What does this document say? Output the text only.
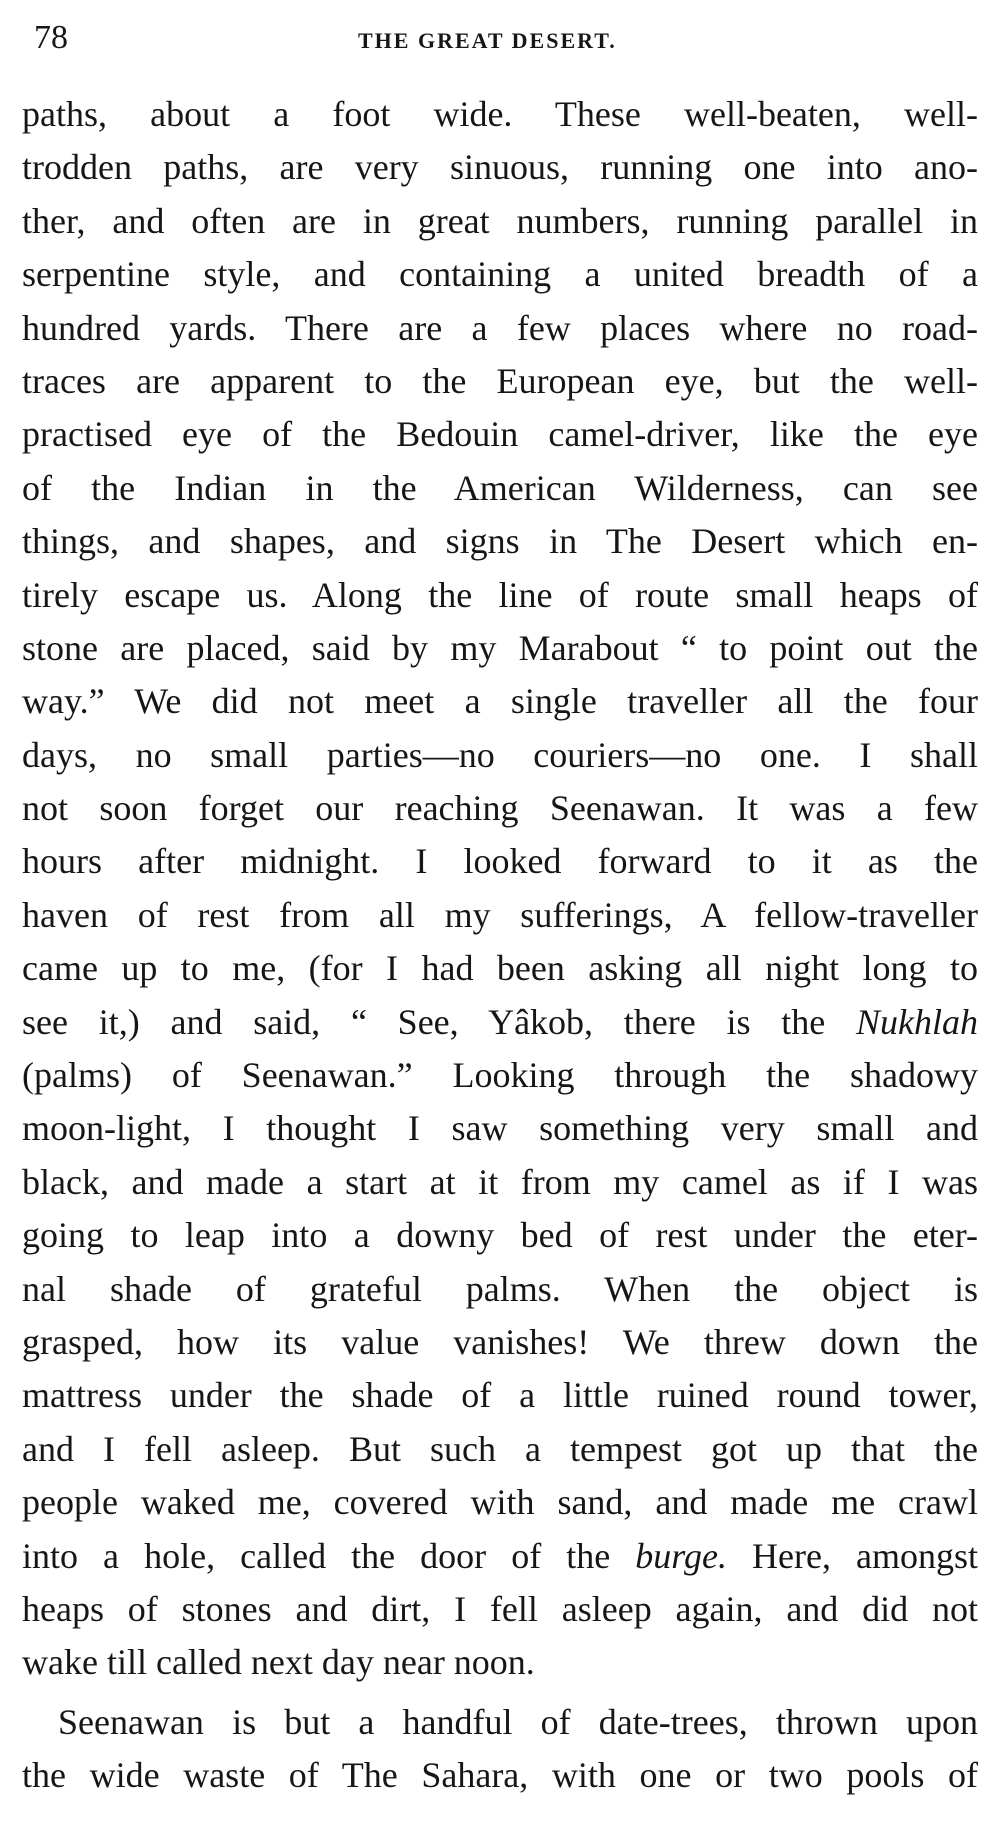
78	THE GREAT DESERT.
paths, about a foot wide. These well-beaten, well-
trodden paths, are very sinuous, running one into ano-
ther, and often are in great numbers, running parallel in
serpentine style, and containing a united breadth of a
hundred yards. There are a few places where no road-
traces are apparent to the European eye, but the well-
practised eye of the Bedouin camel-driver, like the eye
of the Indian in the American Wilderness, can see
things, and shapes, and signs in The Desert which en-
tirely escape us. Along the line of route small heaps of
stone are placed, said by my Marabout “ to point out the
way.” We did not meet a single traveller all the four
days, no small parties—no couriers—no one. I shall
not soon forget our reaching Seenawan. It was a few
hours after midnight. I looked forward to it as the
haven of rest from all my sufferings, A fellow-traveller
came up to me, (for I had been asking all night long to
see it,) and said, “ See, Yâkob, there is the Nukhlah
(palms) of Seenawan.” Looking through the shadowy
moon-light, I thought I saw something very small and
black, and made a start at it from my camel as if I was
going to leap into a downy bed of rest under the eter-
nal shade of grateful palms. When the object is
grasped, how its value vanishes! We threw down the
mattress under the shade of a little ruined round tower,
and I fell asleep. But such a tempest got up that the
people waked me, covered with sand, and made me crawl
into a hole, called the door of the burge. Here, amongst
heaps of stones and dirt, I fell asleep again, and did not
wake till called next day near noon.
Seenawan is but a handful of date-trees, thrown upon
the wide waste of The Sahara, with one or two pools of
